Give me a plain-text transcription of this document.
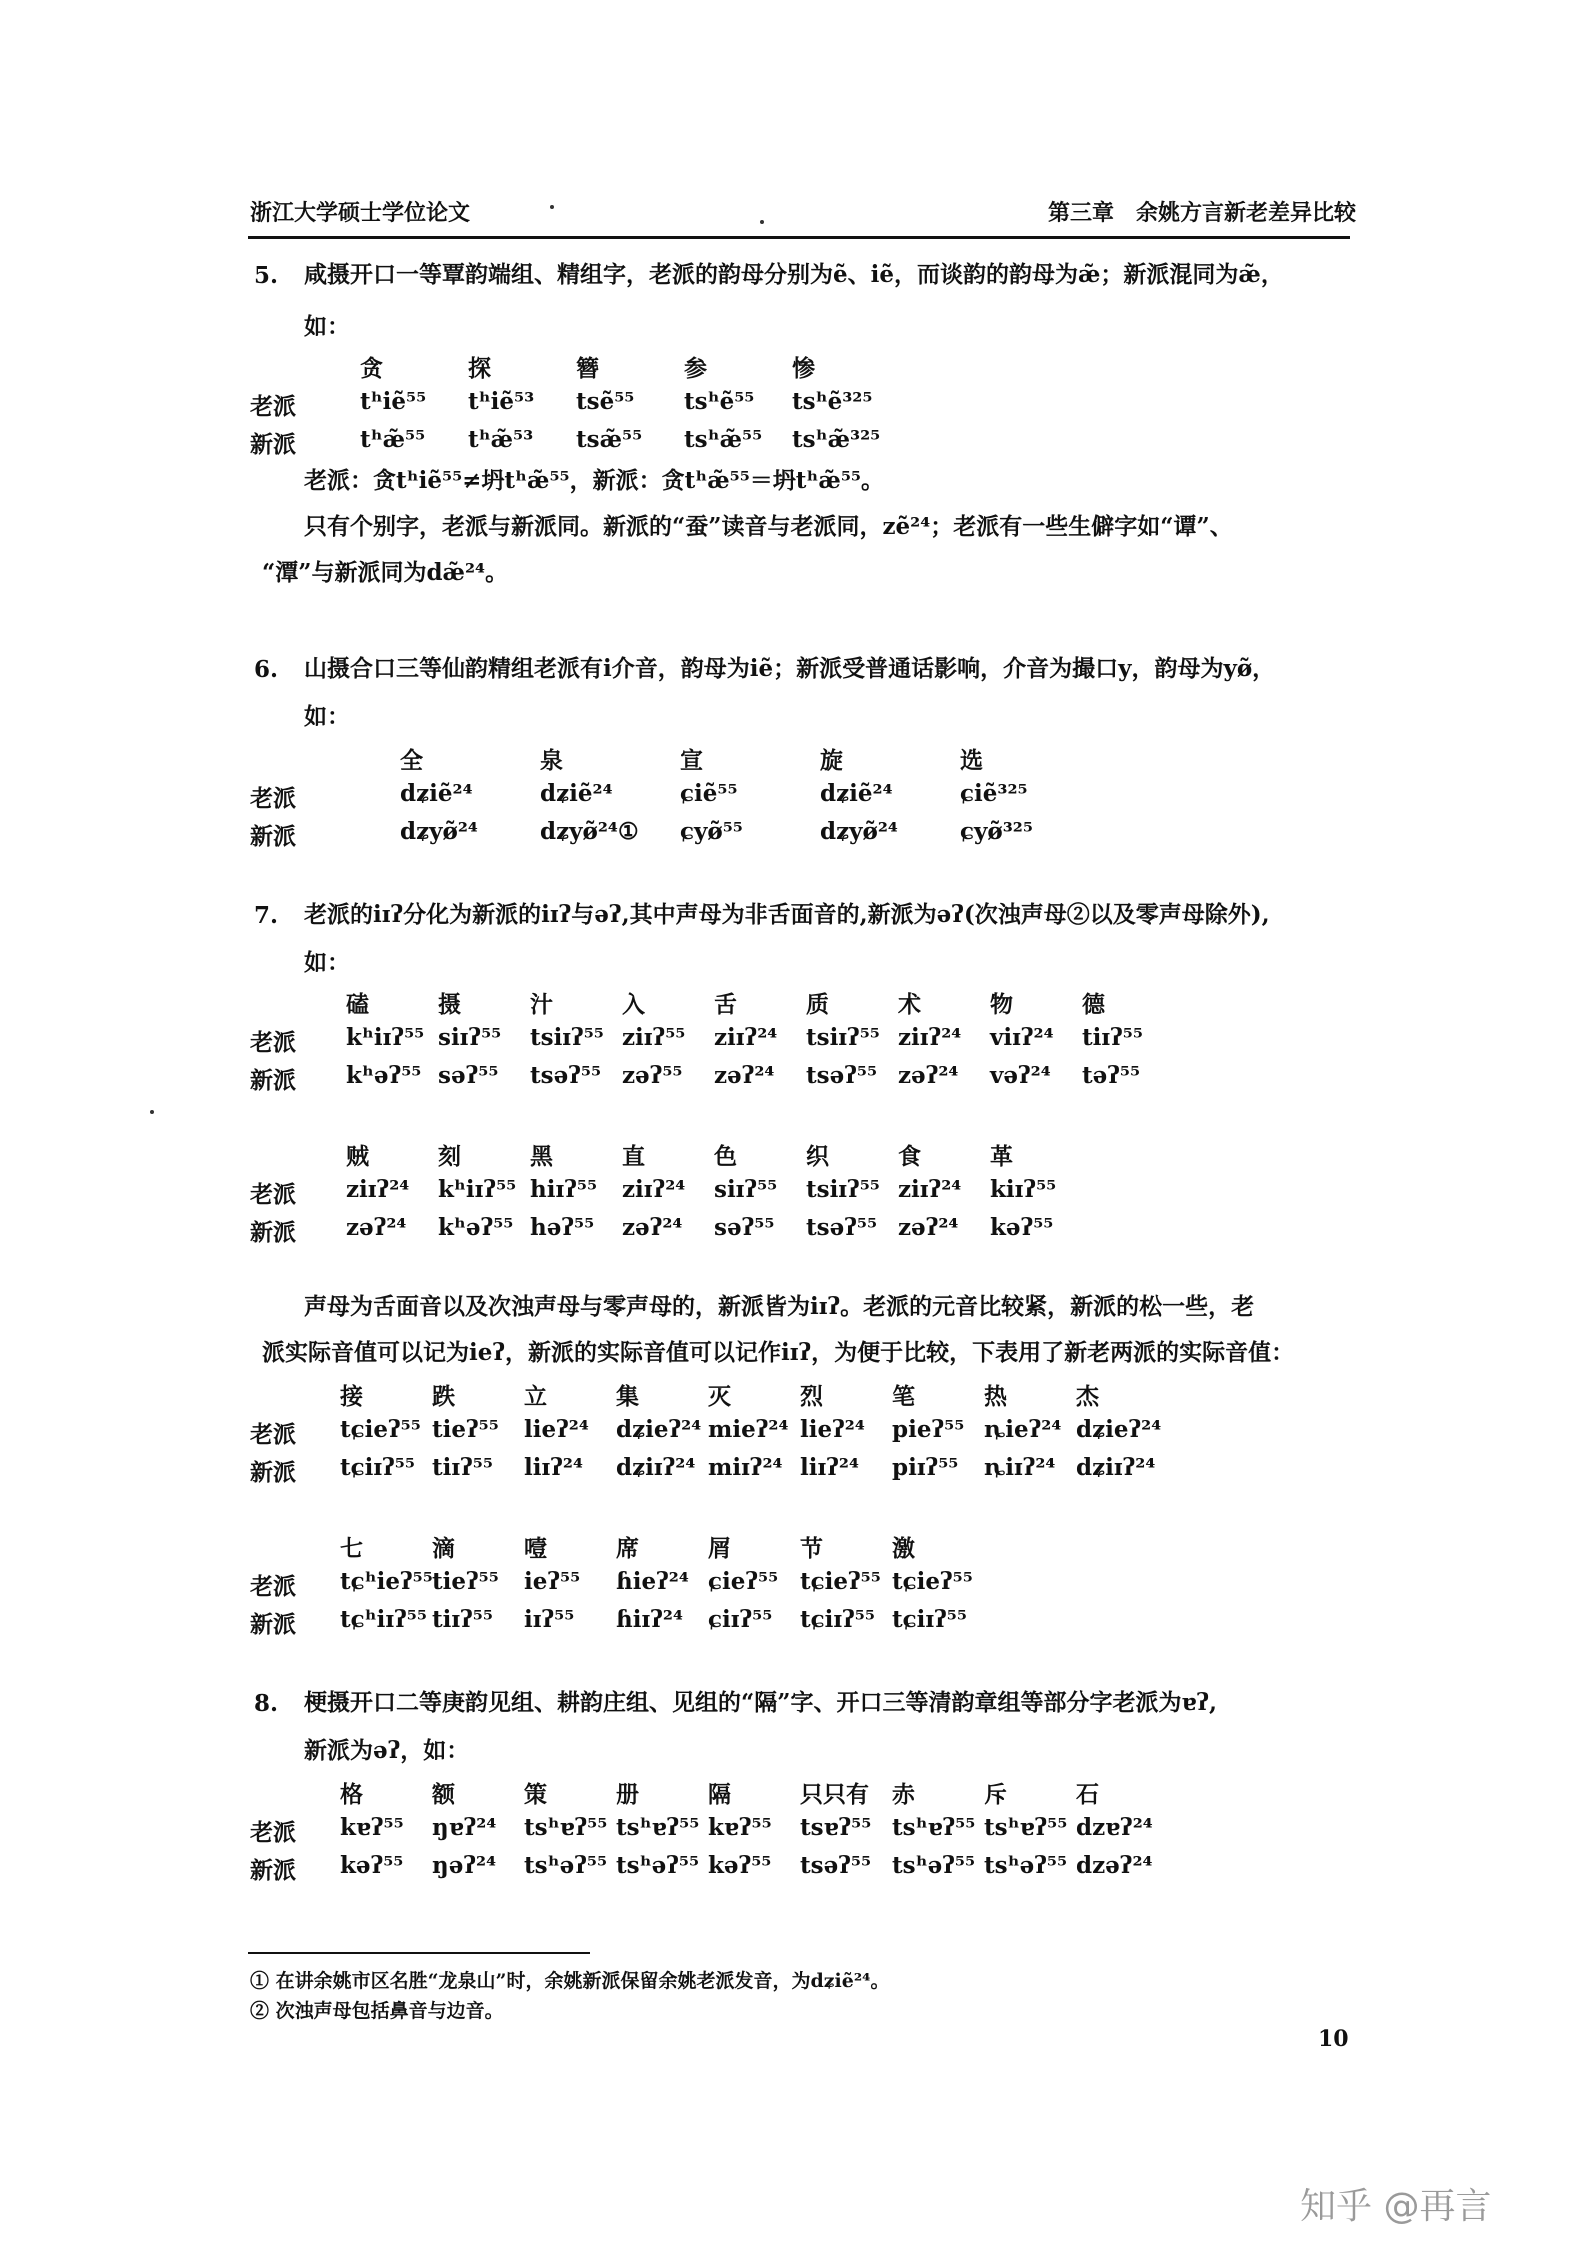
浙江大学硕士学位论文	第三章　余姚方言新老差异比较
5. 咸摄开口一等覃韵端组、精组字，老派的韵母分别为ẽ、iẽ，而谈韵的韵母为æ̃；新派混同为æ̃，
如：
贪	探	簪	参	惨
老派	tʰiẽ⁵⁵ tʰiẽ⁵³ tsẽ⁵⁵ tsʰẽ⁵⁵ tsʰẽ³²⁵
新派	tʰæ̃⁵⁵ tʰæ̃⁵³ tsæ̃⁵⁵ tsʰæ̃⁵⁵ tsʰæ̃³²⁵
老派：贪tʰiẽ⁵⁵≠坍tʰæ̃⁵⁵，新派：贪tʰæ̃⁵⁵＝坍tʰæ̃⁵⁵。
只有个别字，老派与新派同。新派的“蚕”读音与老派同，zẽ²⁴；老派有一些生僻字如“谭”、
“潭”与新派同为dæ̃²⁴。
6. 山摄合口三等仙韵精组老派有i介音，韵母为iẽ；新派受普通话影响，介音为撮口y，韵母为yø̃，
如：
全	泉	宣	旋	选
老派	dʑiẽ²⁴	dʑiẽ²⁴	ɕiẽ⁵⁵	dʑiẽ²⁴	ɕiẽ³²⁵
新派	dʑyø̃²⁴	dʑyø̃²⁴① ɕyø̃⁵⁵	dʑyø̃²⁴	ɕyø̃³²⁵
7. 老派的iɪʔ分化为新派的iɪʔ与əʔ,其中声母为非舌面音的,新派为əʔ(次浊声母②以及零声母除外),
如：
磕	摄	汁	入	舌	质	术	物	德
老派 kʰiɪʔ⁵⁵ siɪʔ⁵⁵ tsiɪʔ⁵⁵ ziɪʔ⁵⁵ ziɪʔ²⁴ tsiɪʔ⁵⁵ ziɪʔ²⁴ viɪʔ²⁴ tiɪʔ⁵⁵
新派 kʰəʔ⁵⁵ səʔ⁵⁵ tsəʔ⁵⁵ zəʔ⁵⁵ zəʔ²⁴ tsəʔ⁵⁵ zəʔ²⁴ vəʔ²⁴ təʔ⁵⁵
贼	刻	黑	直	色	织	食	革
老派 ziɪʔ²⁴ kʰiɪʔ⁵⁵ hiɪʔ⁵⁵ ziɪʔ²⁴ siɪʔ⁵⁵ tsiɪʔ⁵⁵ ziɪʔ²⁴ kiɪʔ⁵⁵
新派 zəʔ²⁴ kʰəʔ⁵⁵ həʔ⁵⁵ zəʔ²⁴ səʔ⁵⁵ tsəʔ⁵⁵ zəʔ²⁴ kəʔ⁵⁵
声母为舌面音以及次浊声母与零声母的，新派皆为iɪʔ。老派的元音比较紧，新派的松一些，老
派实际音值可以记为ieʔ，新派的实际音值可以记作iɪʔ，为便于比较，下表用了新老两派的实际音值：
接	跌	立	集	灭	烈	笔	热	杰
老派 tɕieʔ⁵⁵ tieʔ⁵⁵ lieʔ²⁴ dʑieʔ²⁴ mieʔ²⁴ lieʔ²⁴ pieʔ⁵⁵ ȵieʔ²⁴ dʑieʔ²⁴
新派 tɕiɪʔ⁵⁵ tiɪʔ⁵⁵ liɪʔ²⁴ dʑiɪʔ²⁴ miɪʔ²⁴ liɪʔ²⁴ piɪʔ⁵⁵ ȵiɪʔ²⁴ dʑiɪʔ²⁴
七	滴	噎	席	屑	节	激
老派 tɕʰieʔ⁵⁵ tieʔ⁵⁵ ieʔ⁵⁵ ɦieʔ²⁴ ɕieʔ⁵⁵ tɕieʔ⁵⁵ tɕieʔ⁵⁵
新派 tɕʰiɪʔ⁵⁵ tiɪʔ⁵⁵ iɪʔ⁵⁵ ɦiɪʔ²⁴ ɕiɪʔ⁵⁵ tɕiɪʔ⁵⁵ tɕiɪʔ⁵⁵
8. 梗摄开口二等庚韵见组、耕韵庄组、见组的“隔”字、开口三等清韵章组等部分字老派为ɐʔ,
新派为əʔ，如：
格	额	策	册	隔	只只有 赤	斥	石
老派 kɐʔ⁵⁵ ŋɐʔ²⁴ tsʰɐʔ⁵⁵ tsʰɐʔ⁵⁵ kɐʔ⁵⁵ tsɐʔ⁵⁵ tsʰɐʔ⁵⁵ tsʰɐʔ⁵⁵ dzɐʔ²⁴
新派 kəʔ⁵⁵ ŋəʔ²⁴ tsʰəʔ⁵⁵ tsʰəʔ⁵⁵ kəʔ⁵⁵ tsəʔ⁵⁵ tsʰəʔ⁵⁵ tsʰəʔ⁵⁵ dzəʔ²⁴
① 在讲余姚市区名胜“龙泉山”时，余姚新派保留余姚老派发音，为dʑiẽ²⁴。
② 次浊声母包括鼻音与边音。
10
知乎 @再言
